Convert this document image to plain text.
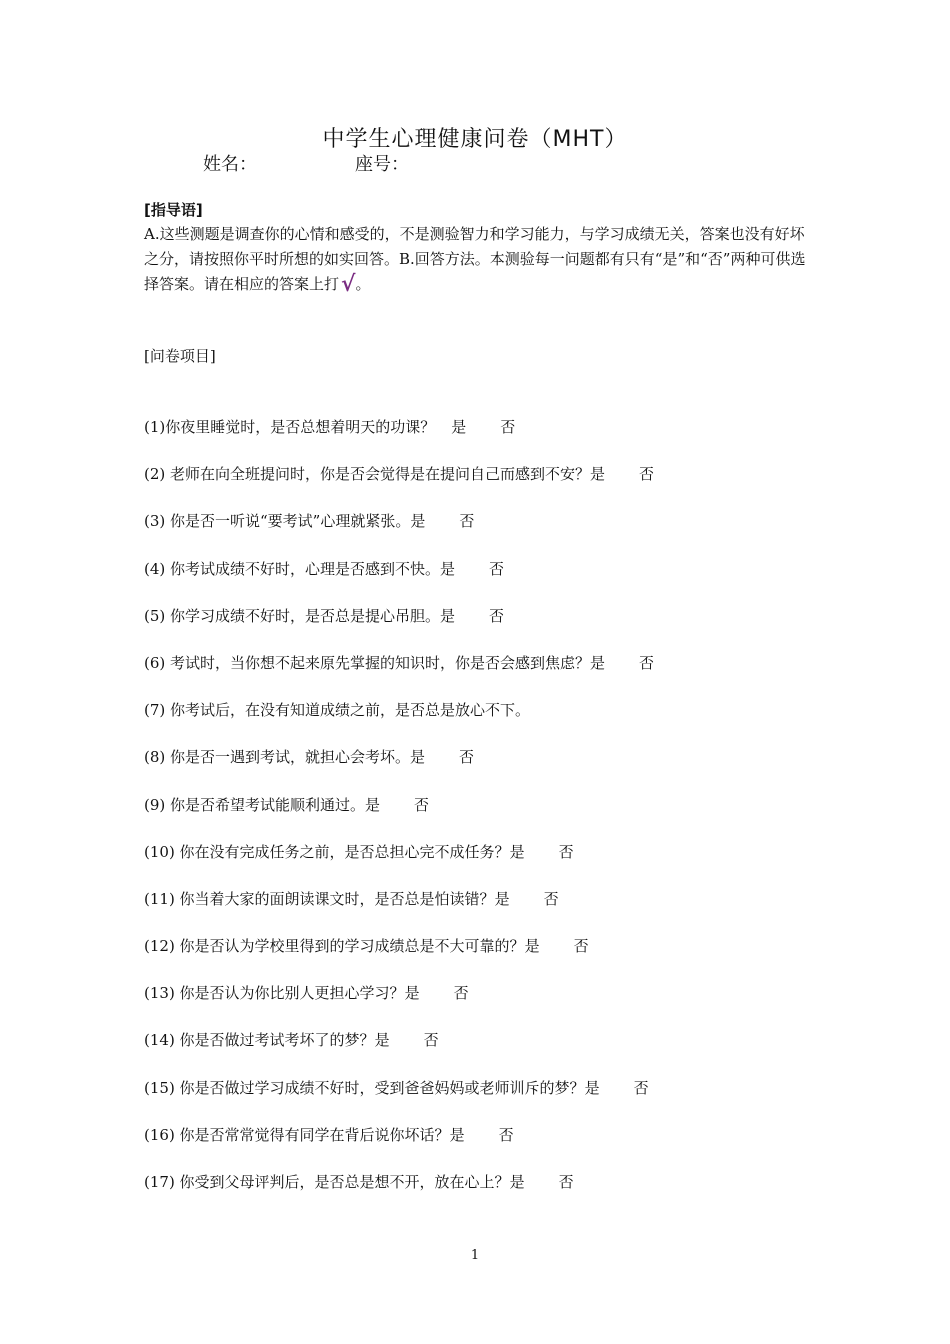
中学生心理健康问卷（MHT）
姓名：	座号：
[指导语]
A.这些测题是调查你的心情和感受的，不是测验智力和学习能力，与学习成绩无关，答案也没有好坏之分，请按照你平时所想的如实回答。B.回答方法。本测验每一问题都有只有“是”和“否”两种可供选择答案。请在相应的答案上打√。
[问卷项目]
(1)你夜里睡觉时，是否总想着明天的功课？ 是 否
(2) 老师在向全班提问时，你是否会觉得是在提问自己而感到不安？是 否
(3) 你是否一听说“要考试”心理就紧张。是 否
(4) 你考试成绩不好时，心理是否感到不快。是 否
(5) 你学习成绩不好时，是否总是提心吊胆。是 否
(6) 考试时，当你想不起来原先掌握的知识时，你是否会感到焦虑？是 否
(7) 你考试后，在没有知道成绩之前，是否总是放心不下。
(8) 你是否一遇到考试，就担心会考坏。是 否
(9) 你是否希望考试能顺利通过。是 否
(10) 你在没有完成任务之前，是否总担心完不成任务？是 否
(11) 你当着大家的面朗读课文时，是否总是怕读错？是 否
(12) 你是否认为学校里得到的学习成绩总是不大可靠的？是 否
(13) 你是否认为你比别人更担心学习？是 否
(14) 你是否做过考试考坏了的梦？是 否
(15) 你是否做过学习成绩不好时，受到爸爸妈妈或老师训斥的梦？是 否
(16) 你是否常常觉得有同学在背后说你坏话？是 否
(17) 你受到父母评判后，是否总是想不开，放在心上？是 否
1
